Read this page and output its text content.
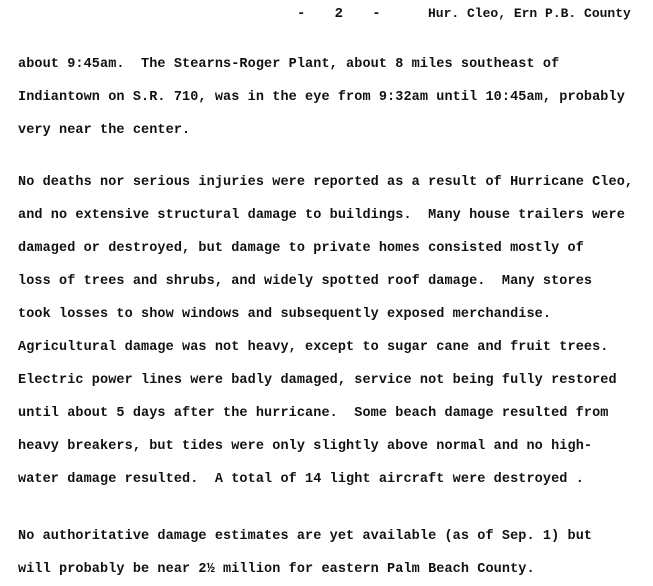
-   2   -	Hur. Cleo, Ern P.B. County
about 9:45am.  The Stearns-Roger Plant, about 8 miles southeast of
Indiantown on S.R. 710, was in the eye from 9:32am until 10:45am, probably
very near the center.
No deaths nor serious injuries were reported as a result of Hurricane Cleo,
and no extensive structural damage to buildings.  Many house trailers were
damaged or destroyed, but damage to private homes consisted mostly of
loss of trees and shrubs, and widely spotted roof damage.  Many stores
took losses to show windows and subsequently exposed merchandise.
Agricultural damage was not heavy, except to sugar cane and fruit trees.
Electric power lines were badly damaged, service not being fully restored
until about 5 days after the hurricane.  Some beach damage resulted from
heavy breakers, but tides were only slightly above normal and no high-
water damage resulted.  A total of 14 light aircraft were destroyed .
No authoritative damage estimates are yet available (as of Sep. 1) but
will probably be near 2½ million for eastern Palm Beach County.
